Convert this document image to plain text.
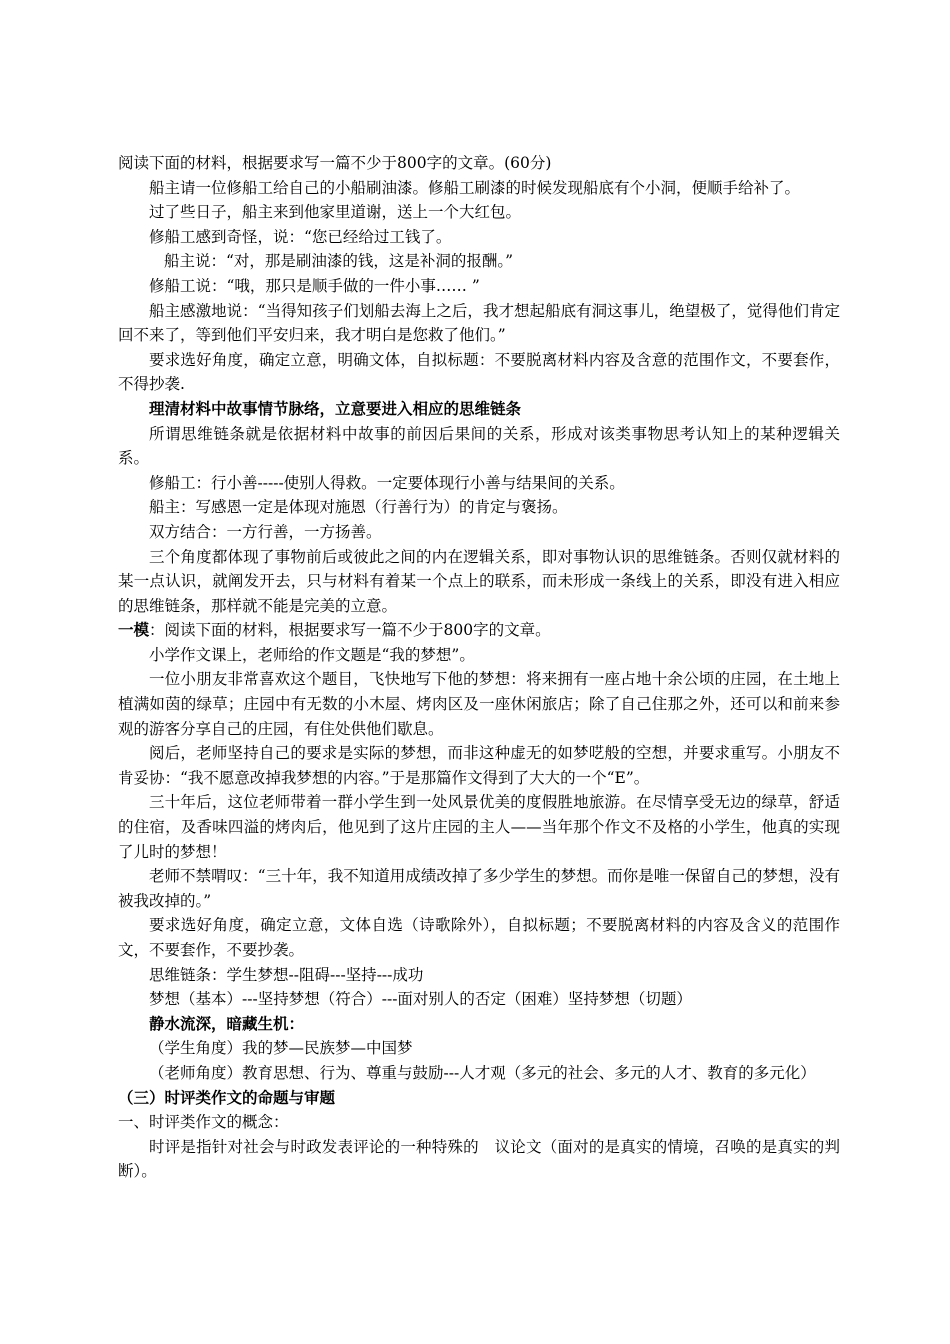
阅读下面的材料，根据要求写一篇不少于800字的文章。(60分)

船主请一位修船工给自己的小船刷油漆。修船工刷漆的时候发现船底有个小洞，便顺手给补了。

过了些日子，船主来到他家里道谢，送上一个大红包。

修船工感到奇怪，说：“您已经给过工钱了。

船主说：“对，那是刷油漆的钱，这是补洞的报酬。”

修船工说：“哦，那只是顺手做的一件小事…… ”

船主感激地说：“当得知孩子们划船去海上之后，我才想起船底有洞这事儿，绝望极了，觉得他们肯定回不来了，等到他们平安归来，我才明白是您救了他们。”

要求选好角度，确定立意，明确文体，自拟标题：不要脱离材料内容及含意的范围作文，不要套作，不得抄袭.

理清材料中故事情节脉络，立意要进入相应的思维链条

所谓思维链条就是依据材料中故事的前因后果间的关系，形成对该类事物思考认知上的某种逻辑关系。

修船工：行小善-----使别人得救。一定要体现行小善与结果间的关系。

船主：写感恩一定是体现对施恩（行善行为）的肯定与褒扬。

双方结合：一方行善，一方扬善。

三个角度都体现了事物前后或彼此之间的内在逻辑关系，即对事物认识的思维链条。否则仅就材料的某一点认识，就阐发开去，只与材料有着某一个点上的联系，而未形成一条线上的关系，即没有进入相应的思维链条，那样就不能是完美的立意。

一模：阅读下面的材料，根据要求写一篇不少于800字的文章。

小学作文课上，老师给的作文题是“我的梦想”。

一位小朋友非常喜欢这个题目，飞快地写下他的梦想：将来拥有一座占地十余公顷的庄园，在土地上植满如茵的绿草；庄园中有无数的小木屋、烤肉区及一座休闲旅店；除了自己住那之外，还可以和前来参观的游客分享自己的庄园，有住处供他们歇息。

阅后，老师坚持自己的要求是实际的梦想，而非这种虚无的如梦呓般的空想，并要求重写。小朋友不肯妥协：“我不愿意改掉我梦想的内容。”于是那篇作文得到了大大的一个“E”。

三十年后，这位老师带着一群小学生到一处风景优美的度假胜地旅游。在尽情享受无边的绿草，舒适的住宿，及香味四溢的烤肉后，他见到了这片庄园的主人——当年那个作文不及格的小学生，他真的实现了儿时的梦想！

老师不禁喟叹：“三十年，我不知道用成绩改掉了多少学生的梦想。而你是唯一保留自己的梦想，没有被我改掉的。”

要求选好角度，确定立意，文体自选（诗歌除外），自拟标题；不要脱离材料的内容及含义的范围作文，不要套作，不要抄袭。

思维链条：学生梦想--阻碍---坚持---成功

梦想（基本）---坚持梦想（符合）---面对别人的否定（困难）坚持梦想（切题）

静水流深，暗藏生机：

（学生角度）我的梦—民族梦—中国梦

（老师角度）教育思想、行为、尊重与鼓励---人才观（多元的社会、多元的人才、教育的多元化）

（三）时评类作文的命题与审题

一、时评类作文的概念：

时评是指针对社会与时政发表评论的一种特殊的　议论文（面对的是真实的情境，召唤的是真实的判断）。
